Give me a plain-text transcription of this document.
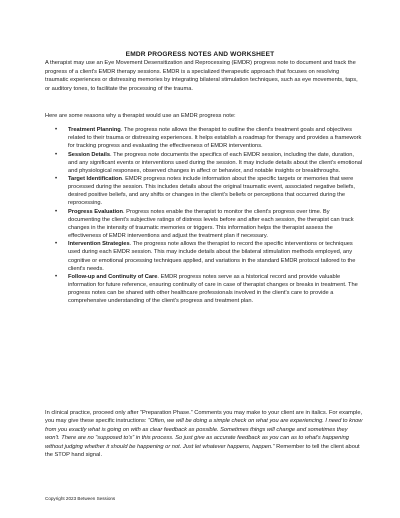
EMDR PROGRESS NOTES AND WORKSHEET

A therapist may use an Eye Movement Desensitization and Reprocessing (EMDR) progress note to document and track the progress of a client's EMDR therapy sessions. EMDR is a specialized therapeutic approach that focuses on resolving traumatic experiences or distressing memories by integrating bilateral stimulation techniques, such as eye movements, taps, or auditory tones, to facilitate the processing of the trauma.

Here are some reasons why a therapist would use an EMDR progress note:

• Treatment Planning. The progress note allows the therapist to outline the client's treatment goals and objectives related to their trauma or distressing experiences. It helps establish a roadmap for therapy and provides a framework for tracking progress and evaluating the effectiveness of EMDR interventions.
• Session Details. The progress note documents the specifics of each EMDR session, including the date, duration, and any significant events or interventions used during the session. It may include details about the client's emotional and physiological responses, observed changes in affect or behavior, and notable insights or breakthroughs.
• Target Identification. EMDR progress notes include information about the specific targets or memories that were processed during the session. This includes details about the original traumatic event, associated negative beliefs, desired positive beliefs, and any shifts or changes in the client's beliefs or perceptions that occurred during the reprocessing.
• Progress Evaluation. Progress notes enable the therapist to monitor the client's progress over time. By documenting the client's subjective ratings of distress levels before and after each session, the therapist can track changes in the intensity of traumatic memories or triggers. This information helps the therapist assess the effectiveness of EMDR interventions and adjust the treatment plan if necessary.
• Intervention Strategies. The progress note allows the therapist to record the specific interventions or techniques used during each EMDR session. This may include details about the bilateral stimulation methods employed, any cognitive or emotional processing techniques applied, and variations in the standard EMDR protocol tailored to the client's needs.
• Follow-up and Continuity of Care. EMDR progress notes serve as a historical record and provide valuable information for future reference, ensuring continuity of care in case of therapist changes or breaks in treatment. The progress notes can be shared with other healthcare professionals involved in the client's care to provide a comprehensive understanding of the client's progress and treatment plan.

In clinical practice, proceed only after “Preparation Phase.” Comments you may make to your client are in italics. For example, you may give these specific instructions: “Often, we will be doing a simple check on what you are experiencing. I need to know from you exactly what is going on with as clear feedback as possible. Sometimes things will change and sometimes they won't. There are no “supposed to's” in this process. So just give as accurate feedback as you can as to what's happening without judging whether it should be happening or not. Just let whatever happens, happen.” Remember to tell the client about the STOP hand signal.

Copyright 2023 Between Sessions
